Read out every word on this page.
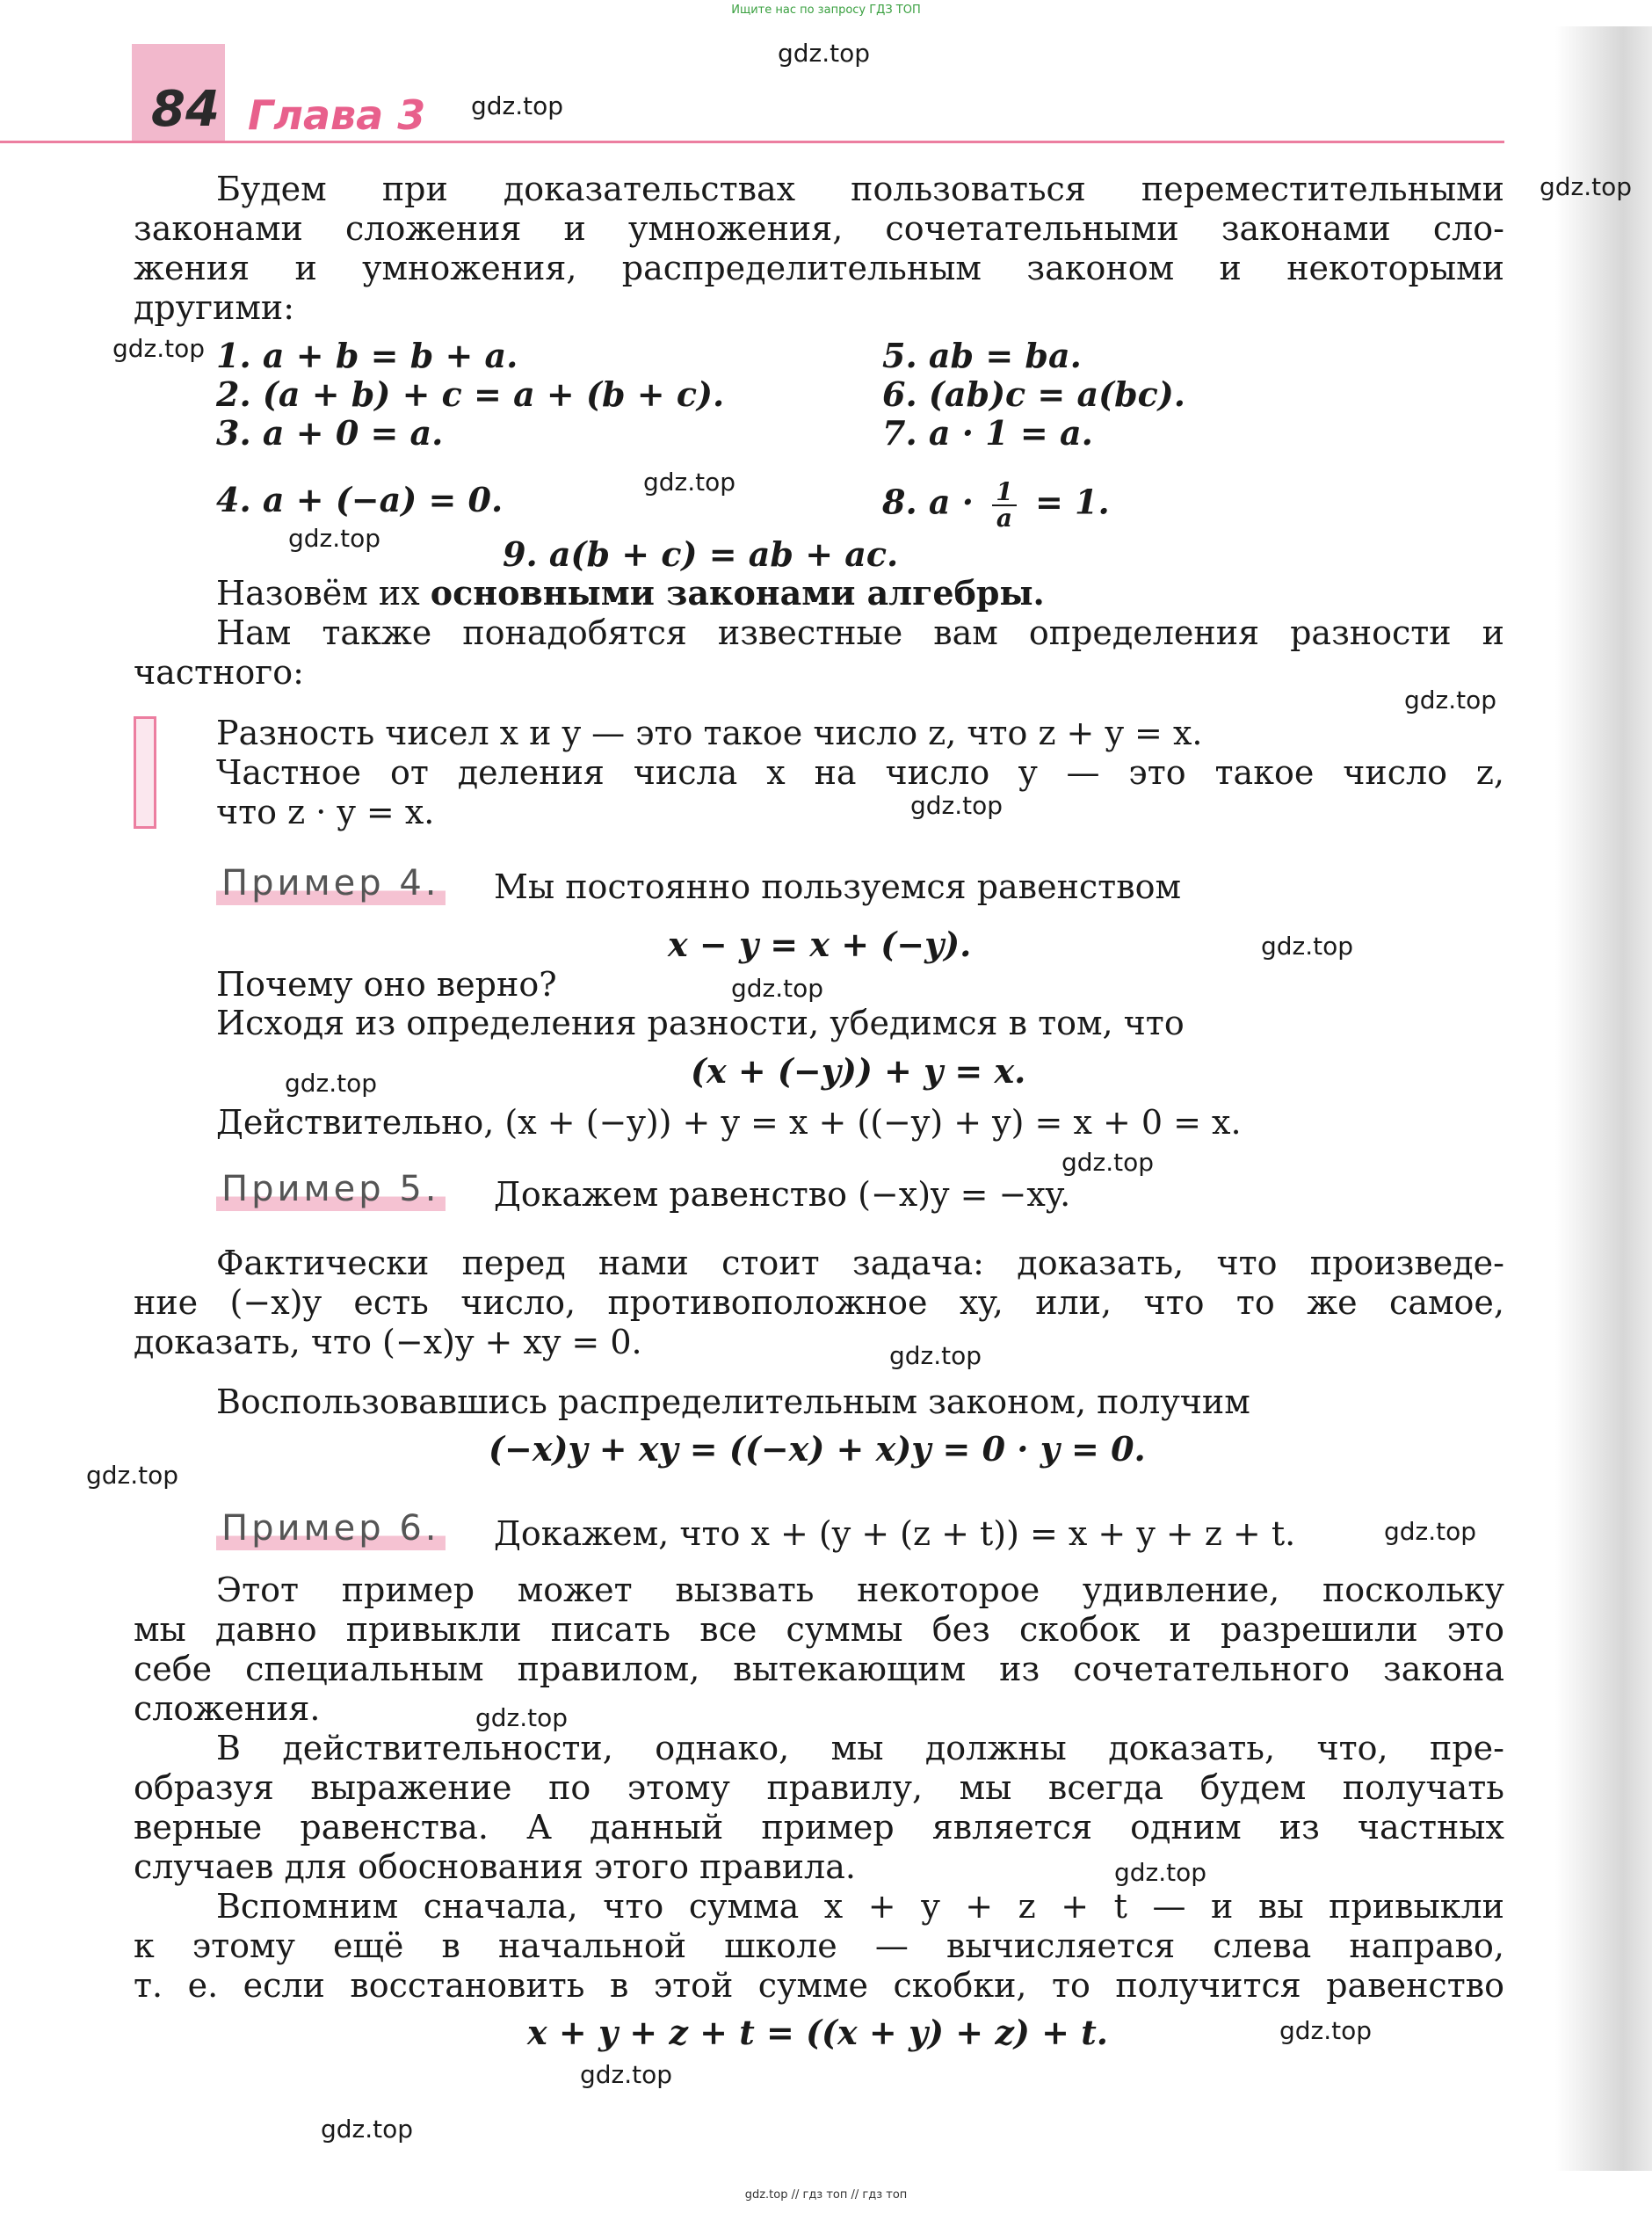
Ищите нас по запросу ГДЗ ТОП
84 Глава 3
gdz.top
gdz.top
gdz.top
gdz.top
gdz.top
gdz.top
gdz.top
gdz.top
gdz.top
gdz.top
gdz.top
gdz.top
gdz.top
gdz.top
gdz.top
gdz.top
gdz.top
gdz.top
gdz.top
gdz.top
Будем при доказательствах пользоваться переместительными
законами сложения и умножения, сочетательными законами сло-
жения и умножения, распределительным законом и некоторыми
другими:
1. a + b = b + a.
2. (a + b) + c = a + (b + c).
3. a + 0 = a.
4. a + (−a) = 0.
5. ab = ba.
6. (ab)c = a(bc).
7. a · 1 = a.
8. $a \cdot \frac{1}{a} = 1$.
9. a(b + c) = ab + ac.
Назовём их основными законами алгебры.
Нам также понадобятся известные вам определения разности и
частного:
Разность чисел x и y — это такое число z, что z + y = x.
Частное от деления числа x на число y — это такое число z,
что z · y = x.
Пример 4. Мы постоянно пользуемся равенством
x − y = x + (−y).
Почему оно верно?
Исходя из определения разности, убедимся в том, что
(x + (−y)) + y = x.
Действительно, (x + (−y)) + y = x + ((−y) + y) = x + 0 = x.
Пример 5. Докажем равенство (−x)y = −xy.
Фактически перед нами стоит задача: доказать, что произведе-
ние (−x)y есть число, противоположное xy, или, что то же самое,
доказать, что (−x)y + xy = 0.
Воспользовавшись распределительным законом, получим
(−x)y + xy = ((−x) + x)y = 0 · y = 0.
Пример 6. Докажем, что x + (y + (z + t)) = x + y + z + t.
Этот пример может вызвать некоторое удивление, поскольку
мы давно привыкли писать все суммы без скобок и разрешили это
себе специальным правилом, вытекающим из сочетательного закона
сложения.
В действительности, однако, мы должны доказать, что, пре-
образуя выражение по этому правилу, мы всегда будем получать
верные равенства. А данный пример является одним из частных
случаев для обоснования этого правила.
Вспомним сначала, что сумма x + y + z + t — и вы привыкли
к этому ещё в начальной школе — вычисляется слева направо,
т. е. если восстановить в этой сумме скобки, то получится равенство
x + y + z + t = ((x + y) + z) + t.
gdz.top // гдз топ // гдз топ
